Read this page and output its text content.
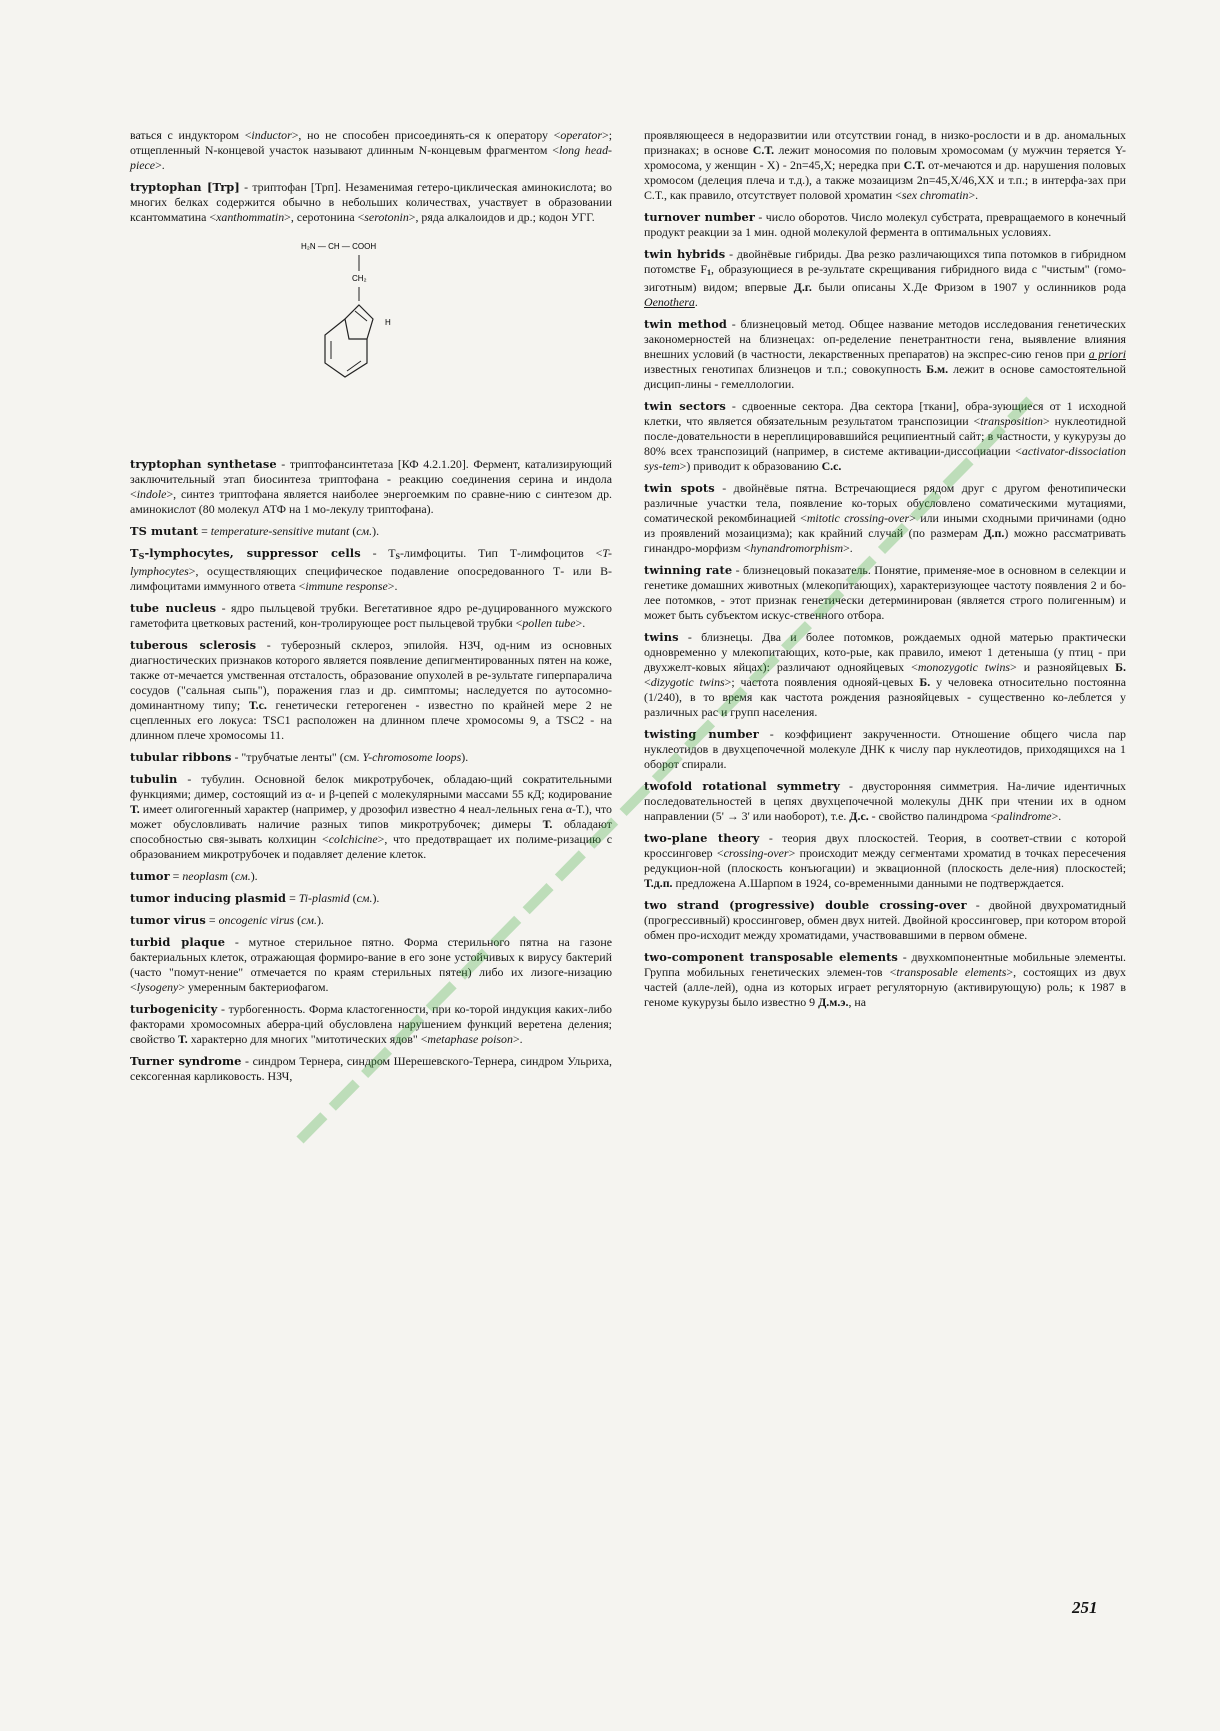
ваться с индуктором <inductor>, но не способен присоединять-ся к оператору <operator>; отщепленный N-концевой участок называют длинным N-концевым фрагментом <long head-piece>.
tryptophan [Trp] - триптофан [Трп]. Незаменимая гетеро-циклическая аминокислота; во многих белках содержится обычно в небольших количествах, участвует в образовании ксантомматина <xanthommatin>, серотонина <serotonin>, ряда алкалоидов и др.; кодон УГГ.
H₂N — CH — COOH
CH₂
H
tryptophan synthetase - триптофансинтетаза [КФ 4.2.1.20]. Фермент, катализирующий заключительный этап биосинтеза триптофана - реакцию соединения серина и индола <indole>, синтез триптофана является наиболее энергоемким по сравне-нию с синтезом др. аминокислот (80 молекул АТФ на 1 мо-лекулу триптофана).
TS mutant = temperature-sensitive mutant (см.).
$T_S$-lymphocytes, suppressor cells - $T_S$-лимфоциты. Тип Т-лимфоцитов <T-lymphocytes>, осуществляющих специфическое подавление опосредованного Т- или В-лимфоцитами иммунного ответа <immune response>.
tube nucleus - ядро пыльцевой трубки. Вегетативное ядро ре-дуцированного мужского гаметофита цветковых растений, кон-тролирующее рост пыльцевой трубки <pollen tube>.
tuberous sclerosis - туберозный склероз, эпилойя. НЗЧ, од-ним из основных диагностических признаков которого является появление депигментированных пятен на коже, также от-мечается умственная отсталость, образование опухолей в ре-зультате гиперпаралича сосудов ("сальная сыпь"), поражения глаз и др. симптомы; наследуется по аутосомно-доминантному типу; Т.с. генетически гетерогенен - известно по крайней мере 2 не сцепленных его локуса: TSC1 расположен на длинном плече хромосомы 9, а TSC2 - на длинном плече хромосомы 11.
tubular ribbons - "трубчатые ленты" (см. Y-chromosome loops).
tubulin - тубулин. Основной белок микротрубочек, обладаю-щий сократительными функциями; димер, состоящий из α- и β-цепей с молекулярными массами 55 кД; кодирование Т. имеет олигогенный характер (например, у дрозофил известно 4 неал-лельных гена α-Т.), что может обусловливать наличие разных типов микротрубочек; димеры Т. обладают способностью свя-зывать колхицин <colchicine>, что предотвращает их полиме-ризацию с образованием микротрубочек и подавляет деление клеток.
tumor = neoplasm (см.).
tumor inducing plasmid = Ti-plasmid (см.).
tumor virus = oncogenic virus (см.).
turbid plaque - мутное стерильное пятно. Форма стерильного пятна на газоне бактериальных клеток, отражающая формиро-вание в его зоне устойчивых к вирусу бактерий (часто "помут-нение" отмечается по краям стерильных пятен) либо их лизоге-низацию <lysogeny> умеренным бактериофагом.
turbogenicity - турбогенность. Форма кластогенности, при ко-торой индукция каких-либо факторами хромосомных аберра-ций обусловлена нарушением функций веретена деления; свойство Т. характерно для многих "митотических ядов" <metaphase poison>.
Turner syndrome - синдром Тернера, синдром Шерешевского-Тернера, синдром Ульриха, сексогенная карликовость. НЗЧ,
проявляющееся в недоразвитии или отсутствии гонад, в низко-рослости и в др. аномальных признаках; в основе С.Т. лежит моносомия по половым хромосомам (у мужчин теряется Y-хромосома, у женщин - X) - 2n=45,X; нередка при С.Т. от-мечаются и др. нарушения половых хромосом (делеция плеча и т.д.), а также мозаицизм 2n=45,X/46,XX и т.п.; в интерфа-зах при С.Т., как правило, отсутствует половой хроматин <sex chromatin>.
turnover number - число оборотов. Число молекул субстрата, превращаемого в конечный продукт реакции за 1 мин. одной молекулой фермента в оптимальных условиях.
twin hybrids - двойнёвые гибриды. Два резко различающихся типа потомков в гибридном потомстве $F_1$, образующиеся в ре-зультате скрещивания гибридного вида с "чистым" (гомо-зиготным) видом; впервые Д.г. были описаны Х.Де Фризом в 1907 у ослинников рода Oenothera.
twin method - близнецовый метод. Общее название методов исследования генетических закономерностей на близнецах: оп-ределение пенетрантности гена, выявление влияния внешних условий (в частности, лекарственных препаратов) на экспрес-сию генов при a priori известных генотипах близнецов и т.п.; совокупность Б.м. лежит в основе самостоятельной дисцип-лины - гемеллологии.
twin sectors - сдвоенные сектора. Два сектора [ткани], обра-зующиеся от 1 исходной клетки, что является обязательным результатом транспозиции <transposition> нуклеотидной после-довательности в нереплицировавшийся реципиентный сайт; в частности, у кукурузы до 80% всех транспозиций (например, в системе активации-диссоциации <activator-dissociation sys-tem>) приводит к образованию С.с.
twin spots - двойнёвые пятна. Встречающиеся рядом друг с другом фенотипически различные участки тела, появление ко-торых обусловлено соматическими мутациями, соматической рекомбинацией <mitotic crossing-over> или иными сходными причинами (одно из проявлений мозаицизма); как крайний случай (по размерам Д.п.) можно рассматривать гинандро-морфизм <hynandromorphism>.
twinning rate - близнецовый показатель. Понятие, применяе-мое в основном в селекции и генетике домашних животных (млекопитающих), характеризующее частоту появления 2 и бо-лее потомков, - этот признак генетически детерминирован (является строго полигенным) и может быть субъектом искус-ственного отбора.
twins - близнецы. Два и более потомков, рождаемых одной матерью практически одновременно у млекопитающих, кото-рые, как правило, имеют 1 детеныша (у птиц - при двухжелт-ковых яйцах): различают однояйцевых <monozygotic twins> и разнояйцевых Б. <dizygotic twins>; частота появления однояй-цевых Б. у человека относительно постоянна (1/240), в то время как частота рождения разнояйцевых - существенно ко-леблется у различных рас и групп населения.
twisting number - коэффициент закрученности. Отношение общего числа пар нуклеотидов в двухцепочечной молекуле ДНК к числу пар нуклеотидов, приходящихся на 1 оборот спирали.
twofold rotational symmetry - двусторонняя симметрия. На-личие идентичных последовательностей в цепях двухцепочечной молекулы ДНК при чтении их в одном направлении (5' → 3' или наоборот), т.е. Д.с. - свойство палиндрома <palindrome>.
two-plane theory - теория двух плоскостей. Теория, в соответ-ствии с которой кроссинговер <crossing-over> происходит между сегментами хроматид в точках пересечения редукцион-ной (плоскость конъюгации) и эквационной (плоскость деле-ния) плоскостей; Т.д.п. предложена А.Шарпом в 1924, со-временными данными не подтверждается.
two strand (progressive) double crossing-over - двойной двухроматидный (прогрессивный) кроссинговер, обмен двух нитей. Двойной кроссинговер, при котором второй обмен про-исходит между хроматидами, участвовавшими в первом обмене.
two-component transposable elements - двухкомпонентные мобильные элементы. Группа мобильных генетических элемен-тов <transposable elements>, состоящих из двух частей (алле-лей), одна из которых играет регуляторную (активирующую) роль; к 1987 в геноме кукурузы было известно 9 Д.м.э., на
251
